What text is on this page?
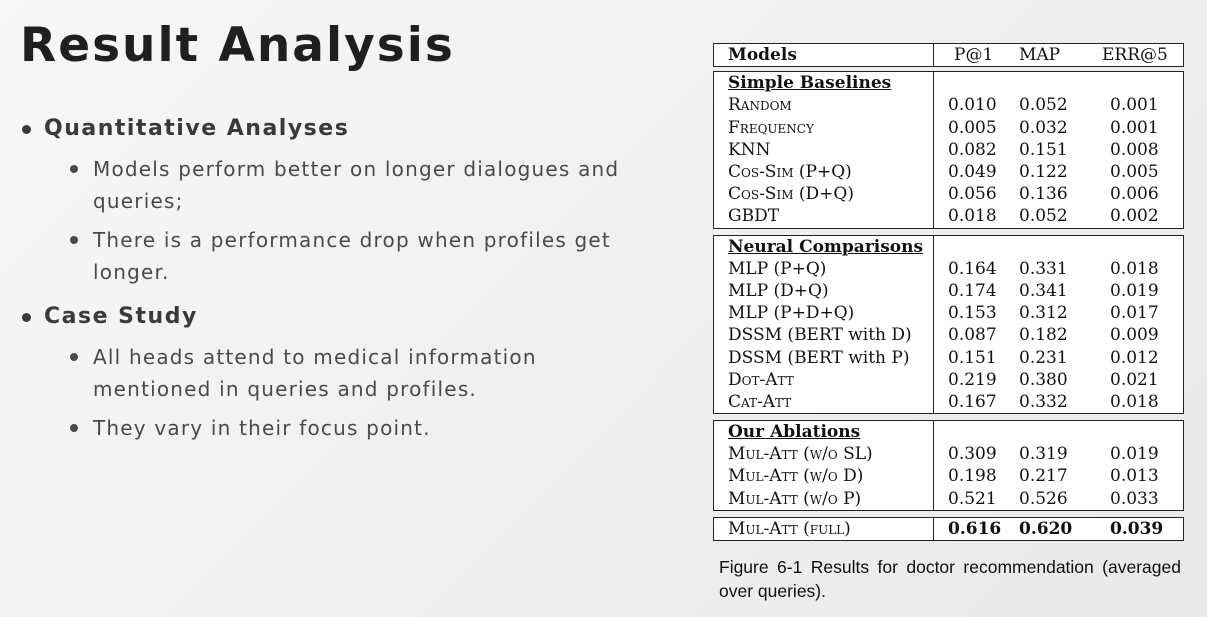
Result Analysis
Quantitative Analyses
Models perform better on longer dialogues and queries;
There is a performance drop when profiles get longer.
Case Study
All heads attend to medical information mentioned in queries and profiles.
They vary in their focus point.
Models	P@1	MAP	ERR@5
Simple Baselines
Random	0.010	0.052	0.001
Frequency	0.005	0.032	0.001
KNN	0.082	0.151	0.008
Cos-Sim (P+Q)	0.049	0.122	0.005
Cos-Sim (D+Q)	0.056	0.136	0.006
GBDT	0.018	0.052	0.002
Neural Comparisons
MLP (P+Q)	0.164	0.331	0.018
MLP (D+Q)	0.174	0.341	0.019
MLP (P+D+Q)	0.153	0.312	0.017
DSSM (BERT with D)	0.087	0.182	0.009
DSSM (BERT with P)	0.151	0.231	0.012
Dot-Att	0.219	0.380	0.021
Cat-Att	0.167	0.332	0.018
Our Ablations
Mul-Att (w/o SL)	0.309	0.319	0.019
Mul-Att (w/o D)	0.198	0.217	0.013
Mul-Att (w/o P)	0.521	0.526	0.033
Mul-Att (full)	0.616	0.620	0.039
Figure 6-1 Results for doctor recommendation (averaged over queries).
